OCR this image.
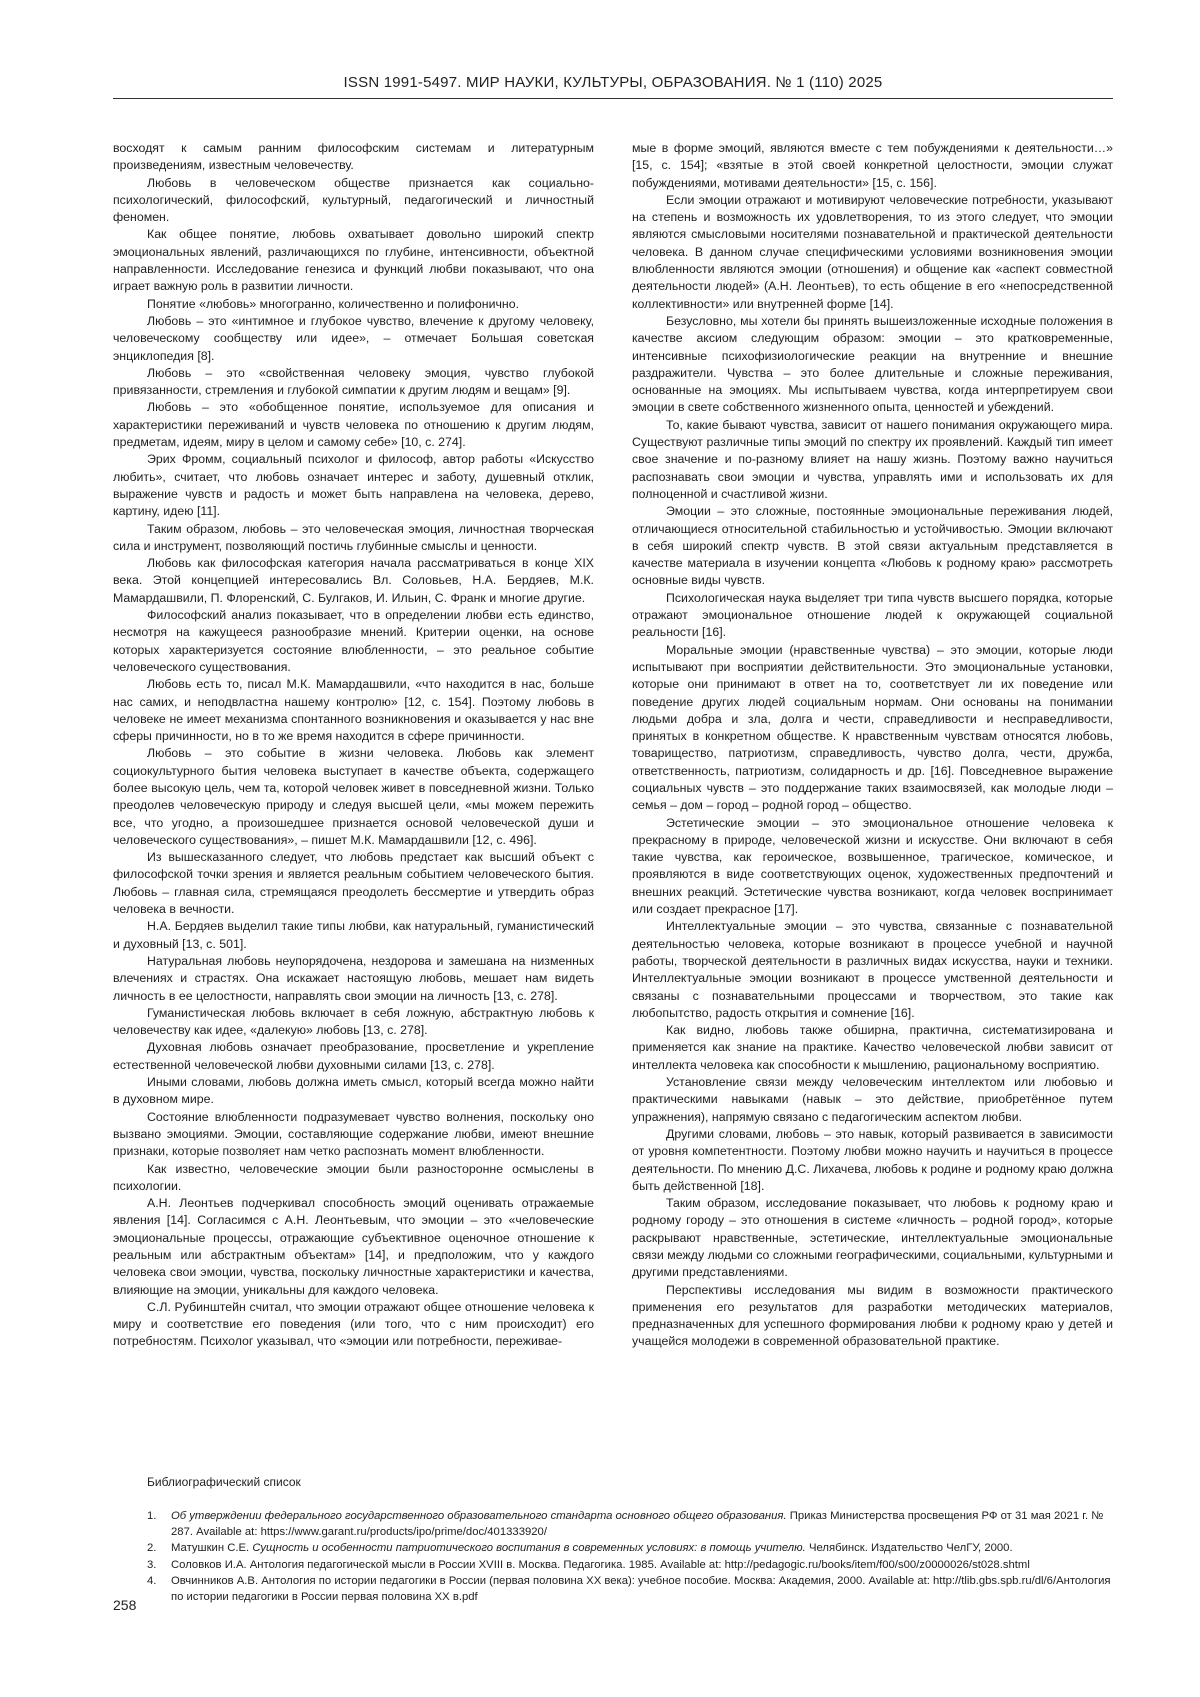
ISSN 1991-5497. МИР НАУКИ, КУЛЬТУРЫ, ОБРАЗОВАНИЯ. № 1 (110) 2025

восходят к самым ранним философским системам и литературным произведениям, известным человечеству.

Любовь в человеческом обществе признается как социально-психологический, философский, культурный, педагогический и личностный феномен.

Как общее понятие, любовь охватывает довольно широкий спектр эмоциональных явлений, различающихся по глубине, интенсивности, объектной направленности. Исследование генезиса и функций любви показывают, что она играет важную роль в развитии личности.

Понятие «любовь» многогранно, количественно и полифонично.

Любовь – это «интимное и глубокое чувство, влечение к другому человеку, человеческому сообществу или идее», – отмечает Большая советская энциклопедия [8].

Любовь – это «свойственная человеку эмоция, чувство глубокой привязанности, стремления и глубокой симпатии к другим людям и вещам» [9].

Любовь – это «обобщенное понятие, используемое для описания и характеристики переживаний и чувств человека по отношению к другим людям, предметам, идеям, миру в целом и самому себе» [10, с. 274].

Эрих Фромм, социальный психолог и философ, автор работы «Искусство любить», считает, что любовь означает интерес и заботу, душевный отклик, выражение чувств и радость и может быть направлена на человека, дерево, картину, идею [11].

Таким образом, любовь – это человеческая эмоция, личностная творческая сила и инструмент, позволяющий постичь глубинные смыслы и ценности.

Любовь как философская категория начала рассматриваться в конце XIX века. Этой концепцией интересовались Вл. Соловьев, Н.А. Бердяев, М.К. Мамардашвили, П. Флоренский, С. Булгаков, И. Ильин, С. Франк и многие другие.

Философский анализ показывает, что в определении любви есть единство, несмотря на кажущееся разнообразие мнений. Критерии оценки, на основе которых характеризуется состояние влюбленности, – это реальное событие человеческого существования.

Любовь есть то, писал М.К. Мамардашвили, «что находится в нас, больше нас самих, и неподвластна нашему контролю» [12, с. 154]. Поэтому любовь в человеке не имеет механизма спонтанного возникновения и оказывается у нас вне сферы причинности, но в то же время находится в сфере причинности.

Любовь – это событие в жизни человека. Любовь как элемент социокультурного бытия человека выступает в качестве объекта, содержащего более высокую цель, чем та, которой человек живет в повседневной жизни. Только преодолев человеческую природу и следуя высшей цели, «мы можем пережить все, что угодно, а произошедшее признается основой человеческой души и человеческого существования», – пишет М.К. Мамардашвили [12, с. 496].

Из вышесказанного следует, что любовь предстает как высший объект с философской точки зрения и является реальным событием человеческого бытия. Любовь – главная сила, стремящаяся преодолеть бессмертие и утвердить образ человека в вечности.

Н.А. Бердяев выделил такие типы любви, как натуральный, гуманистический и духовный [13, с. 501].

Натуральная любовь неупорядочена, нездорова и замешана на низменных влечениях и страстях. Она искажает настоящую любовь, мешает нам видеть личность в ее целостности, направлять свои эмоции на личность [13, с. 278].

Гуманистическая любовь включает в себя ложную, абстрактную любовь к человечеству как идее, «далекую» любовь [13, с. 278].

Духовная любовь означает преобразование, просветление и укрепление естественной человеческой любви духовными силами [13, с. 278].

Иными словами, любовь должна иметь смысл, который всегда можно найти в духовном мире.

Состояние влюбленности подразумевает чувство волнения, поскольку оно вызвано эмоциями. Эмоции, составляющие содержание любви, имеют внешние признаки, которые позволяет нам четко распознать момент влюбленности.

Как известно, человеческие эмоции были разносторонне осмыслены в психологии.

А.Н. Леонтьев подчеркивал способность эмоций оценивать отражаемые явления [14]. Согласимся с А.Н. Леонтьевым, что эмоции – это «человеческие эмоциональные процессы, отражающие субъективное оценочное отношение к реальным или абстрактным объектам» [14], и предположим, что у каждого человека свои эмоции, чувства, поскольку личностные характеристики и качества, влияющие на эмоции, уникальны для каждого человека.

С.Л. Рубинштейн считал, что эмоции отражают общее отношение человека к миру и соответствие его поведения (или того, что с ним происходит) его потребностям. Психолог указывал, что «эмоции или потребности, переживае-

мые в форме эмоций, являются вместе с тем побуждениями к деятельности…» [15, с. 154]; «взятые в этой своей конкретной целостности, эмоции служат побуждениями, мотивами деятельности» [15, с. 156].

Если эмоции отражают и мотивируют человеческие потребности, указывают на степень и возможность их удовлетворения, то из этого следует, что эмоции являются смысловыми носителями познавательной и практической деятельности человека. В данном случае специфическими условиями возникновения эмоции влюбленности являются эмоции (отношения) и общение как «аспект совместной деятельности людей» (А.Н. Леонтьев), то есть общение в его «непосредственной коллективности» или внутренней форме [14].

Безусловно, мы хотели бы принять вышеизложенные исходные положения в качестве аксиом следующим образом: эмоции – это кратковременные, интенсивные психофизиологические реакции на внутренние и внешние раздражители. Чувства – это более длительные и сложные переживания, основанные на эмоциях. Мы испытываем чувства, когда интерпретируем свои эмоции в свете собственного жизненного опыта, ценностей и убеждений.

То, какие бывают чувства, зависит от нашего понимания окружающего мира. Существуют различные типы эмоций по спектру их проявлений. Каждый тип имеет свое значение и по-разному влияет на нашу жизнь. Поэтому важно научиться распознавать свои эмоции и чувства, управлять ими и использовать их для полноценной и счастливой жизни.

Эмоции – это сложные, постоянные эмоциональные переживания людей, отличающиеся относительной стабильностью и устойчивостью. Эмоции включают в себя широкий спектр чувств. В этой связи актуальным представляется в качестве материала в изучении концепта «Любовь к родному краю» рассмотреть основные виды чувств.

Психологическая наука выделяет три типа чувств высшего порядка, которые отражают эмоциональное отношение людей к окружающей социальной реальности [16].

Моральные эмоции (нравственные чувства) – это эмоции, которые люди испытывают при восприятии действительности. Это эмоциональные установки, которые они принимают в ответ на то, соответствует ли их поведение или поведение других людей социальным нормам. Они основаны на понимании людьми добра и зла, долга и чести, справедливости и несправедливости, принятых в конкретном обществе. К нравственным чувствам относятся любовь, товарищество, патриотизм, справедливость, чувство долга, чести, дружба, ответственность, патриотизм, солидарность и др. [16]. Повседневное выражение социальных чувств – это поддержание таких взаимосвязей, как молодые люди – семья – дом – город – родной город – общество.

Эстетические эмоции – это эмоциональное отношение человека к прекрасному в природе, человеческой жизни и искусстве. Они включают в себя такие чувства, как героическое, возвышенное, трагическое, комическое, и проявляются в виде соответствующих оценок, художественных предпочтений и внешних реакций. Эстетические чувства возникают, когда человек воспринимает или создает прекрасное [17].

Интеллектуальные эмоции – это чувства, связанные с познавательной деятельностью человека, которые возникают в процессе учебной и научной работы, творческой деятельности в различных видах искусства, науки и техники. Интеллектуальные эмоции возникают в процессе умственной деятельности и связаны с познавательными процессами и творчеством, это такие как любопытство, радость открытия и сомнение [16].

Как видно, любовь также обширна, практична, систематизирована и применяется как знание на практике. Качество человеческой любви зависит от интеллекта человека как способности к мышлению, рациональному восприятию.

Установление связи между человеческим интеллектом или любовью и практическими навыками (навык – это действие, приобретённое путем упражнения), напрямую связано с педагогическим аспектом любви.

Другими словами, любовь – это навык, который развивается в зависимости от уровня компетентности. Поэтому любви можно научить и научиться в процессе деятельности. По мнению Д.С. Лихачева, любовь к родине и родному краю должна быть действенной [18].

Таким образом, исследование показывает, что любовь к родному краю и родному городу – это отношения в системе «личность – родной город», которые раскрывают нравственные, эстетические, интеллектуальные эмоциональные связи между людьми со сложными географическими, социальными, культурными и другими представлениями.

Перспективы исследования мы видим в возможности практического применения его результатов для разработки методических материалов, предназначенных для успешного формирования любви к родному краю у детей и учащейся молодежи в современной образовательной практике.

Библиографический список
1. Об утверждении федерального государственного образовательного стандарта основного общего образования. Приказ Министерства просвещения РФ от 31 мая 2021 г. № 287. Available at: https://www.garant.ru/products/ipo/prime/doc/401333920/
2. Матушкин С.Е. Сущность и особенности патриотического воспитания в современных условиях: в помощь учителю. Челябинск. Издательство ЧелГУ, 2000.
3. Соловков И.А. Антология педагогической мысли в России XVIII в. Москва. Педагогика. 1985. Available at: http://pedagogic.ru/books/item/f00/s00/z0000026/st028.shtml
4. Овчинников А.В. Антология по истории педагогики в России (первая половина XX века): учебное пособие. Москва: Академия, 2000. Available at: http://tlib.gbs.spb.ru/dl/6/Антология по истории педагогики в России первая половина XX в.pdf
258
